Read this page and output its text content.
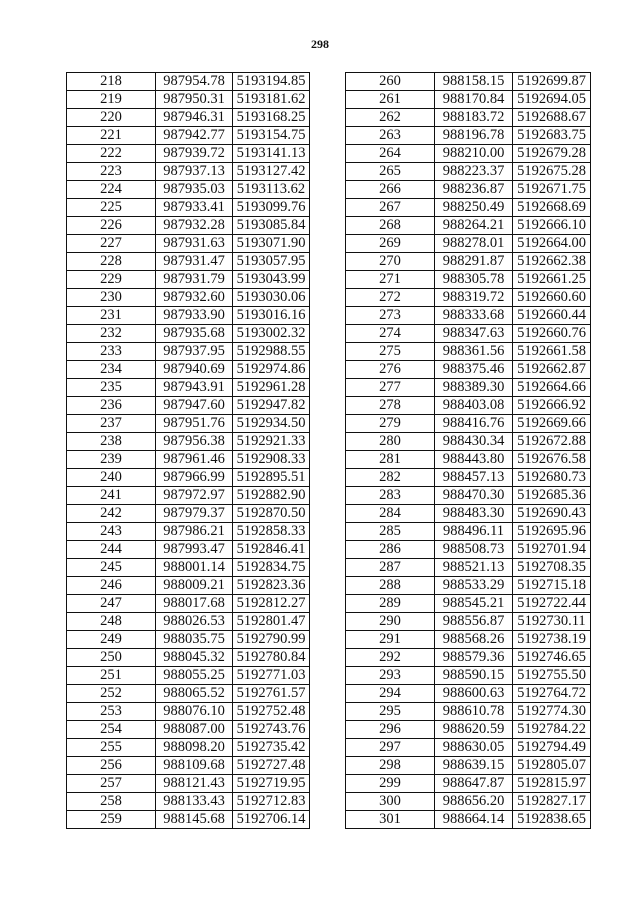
298
218	987954.78	5193194.85
219	987950.31	5193181.62
220	987946.31	5193168.25
221	987942.77	5193154.75
222	987939.72	5193141.13
223	987937.13	5193127.42
224	987935.03	5193113.62
225	987933.41	5193099.76
226	987932.28	5193085.84
227	987931.63	5193071.90
228	987931.47	5193057.95
229	987931.79	5193043.99
230	987932.60	5193030.06
231	987933.90	5193016.16
232	987935.68	5193002.32
233	987937.95	5192988.55
234	987940.69	5192974.86
235	987943.91	5192961.28
236	987947.60	5192947.82
237	987951.76	5192934.50
238	987956.38	5192921.33
239	987961.46	5192908.33
240	987966.99	5192895.51
241	987972.97	5192882.90
242	987979.37	5192870.50
243	987986.21	5192858.33
244	987993.47	5192846.41
245	988001.14	5192834.75
246	988009.21	5192823.36
247	988017.68	5192812.27
248	988026.53	5192801.47
249	988035.75	5192790.99
250	988045.32	5192780.84
251	988055.25	5192771.03
252	988065.52	5192761.57
253	988076.10	5192752.48
254	988087.00	5192743.76
255	988098.20	5192735.42
256	988109.68	5192727.48
257	988121.43	5192719.95
258	988133.43	5192712.83
259	988145.68	5192706.14
260	988158.15	5192699.87
261	988170.84	5192694.05
262	988183.72	5192688.67
263	988196.78	5192683.75
264	988210.00	5192679.28
265	988223.37	5192675.28
266	988236.87	5192671.75
267	988250.49	5192668.69
268	988264.21	5192666.10
269	988278.01	5192664.00
270	988291.87	5192662.38
271	988305.78	5192661.25
272	988319.72	5192660.60
273	988333.68	5192660.44
274	988347.63	5192660.76
275	988361.56	5192661.58
276	988375.46	5192662.87
277	988389.30	5192664.66
278	988403.08	5192666.92
279	988416.76	5192669.66
280	988430.34	5192672.88
281	988443.80	5192676.58
282	988457.13	5192680.73
283	988470.30	5192685.36
284	988483.30	5192690.43
285	988496.11	5192695.96
286	988508.73	5192701.94
287	988521.13	5192708.35
288	988533.29	5192715.18
289	988545.21	5192722.44
290	988556.87	5192730.11
291	988568.26	5192738.19
292	988579.36	5192746.65
293	988590.15	5192755.50
294	988600.63	5192764.72
295	988610.78	5192774.30
296	988620.59	5192784.22
297	988630.05	5192794.49
298	988639.15	5192805.07
299	988647.87	5192815.97
300	988656.20	5192827.17
301	988664.14	5192838.65
